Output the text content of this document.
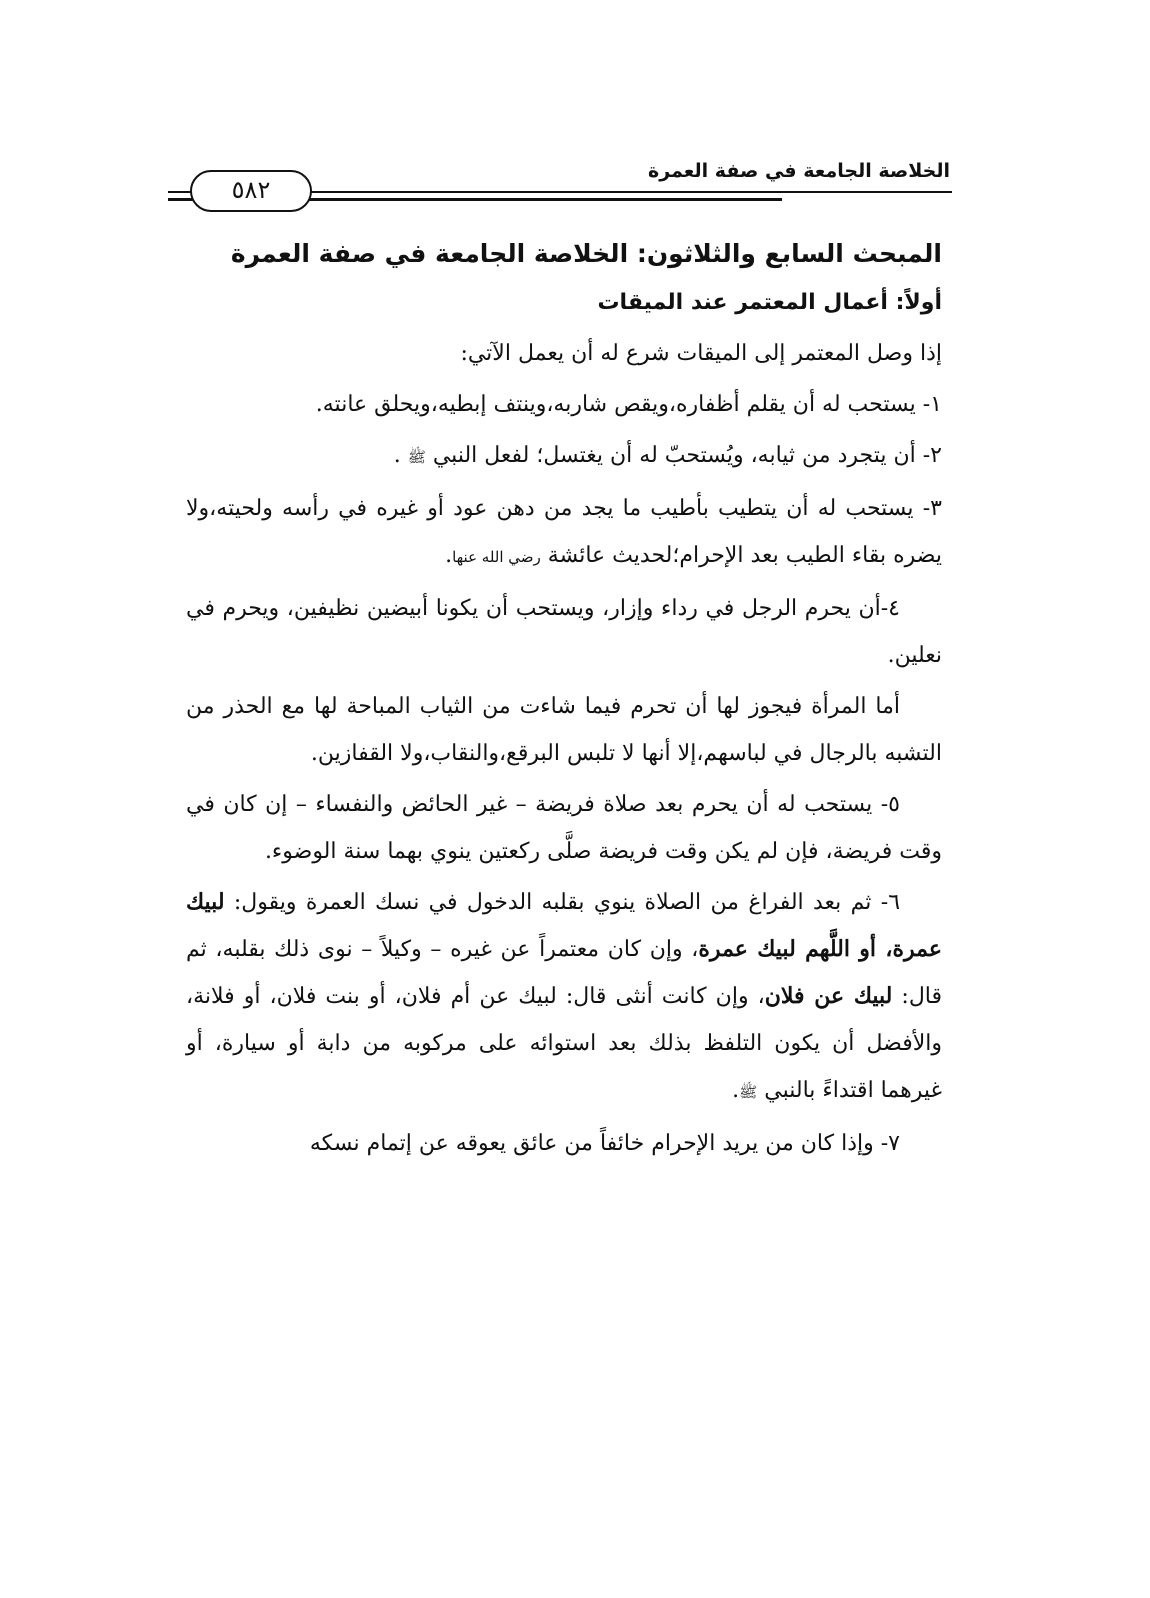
الخلاصة الجامعة في صفة العمرة
٥٨٢
المبحث السابع والثلاثون: الخلاصة الجامعة في صفة العمرة
أولاً: أعمال المعتمر عند الميقات

إذا وصل المعتمر إلى الميقات شرع له أن يعمل الآتي:

١- يستحب له أن يقلم أظفاره،ويقص شاربه،وينتف إبطيه،ويحلق عانته.

٢- أن يتجرد من ثيابه، ويُستحبّ له أن يغتسل؛ لفعل النبي ﷺ .

٣- يستحب له أن يتطيب بأطيب ما يجد من دهن عود أو غيره في رأسه ولحيته،ولا يضره بقاء الطيب بعد الإحرام؛لحديث عائشة رضي الله عنها.

٤-أن يحرم الرجل في رداء وإزار، ويستحب أن يكونا أبيضين نظيفين، ويحرم في نعلين.

أما المرأة فيجوز لها أن تحرم فيما شاءت من الثياب المباحة لها مع الحذر من التشبه بالرجال في لباسهم،إلا أنها لا تلبس البرقع،والنقاب،ولا القفازين.

٥- يستحب له أن يحرم بعد صلاة فريضة – غير الحائض والنفساء – إن كان في وقت فريضة، فإن لم يكن وقت فريضة صلَّى ركعتين ينوي بهما سنة الوضوء.

٦- ثم بعد الفراغ من الصلاة ينوي بقلبه الدخول في نسك العمرة ويقول: لبيك عمرة، أو اللَّهم لبيك عمرة، وإن كان معتمراً عن غيره – وكيلاً – نوى ذلك بقلبه، ثم قال: لبيك عن فلان، وإن كانت أنثى قال: لبيك عن أم فلان، أو بنت فلان، أو فلانة، والأفضل أن يكون التلفظ بذلك بعد استوائه على مركوبه من دابة أو سيارة، أو غيرهما اقتداءً بالنبي ﷺ.

٧- وإذا كان من يريد الإحرام خائفاً من عائق يعوقه عن إتمام نسكه
